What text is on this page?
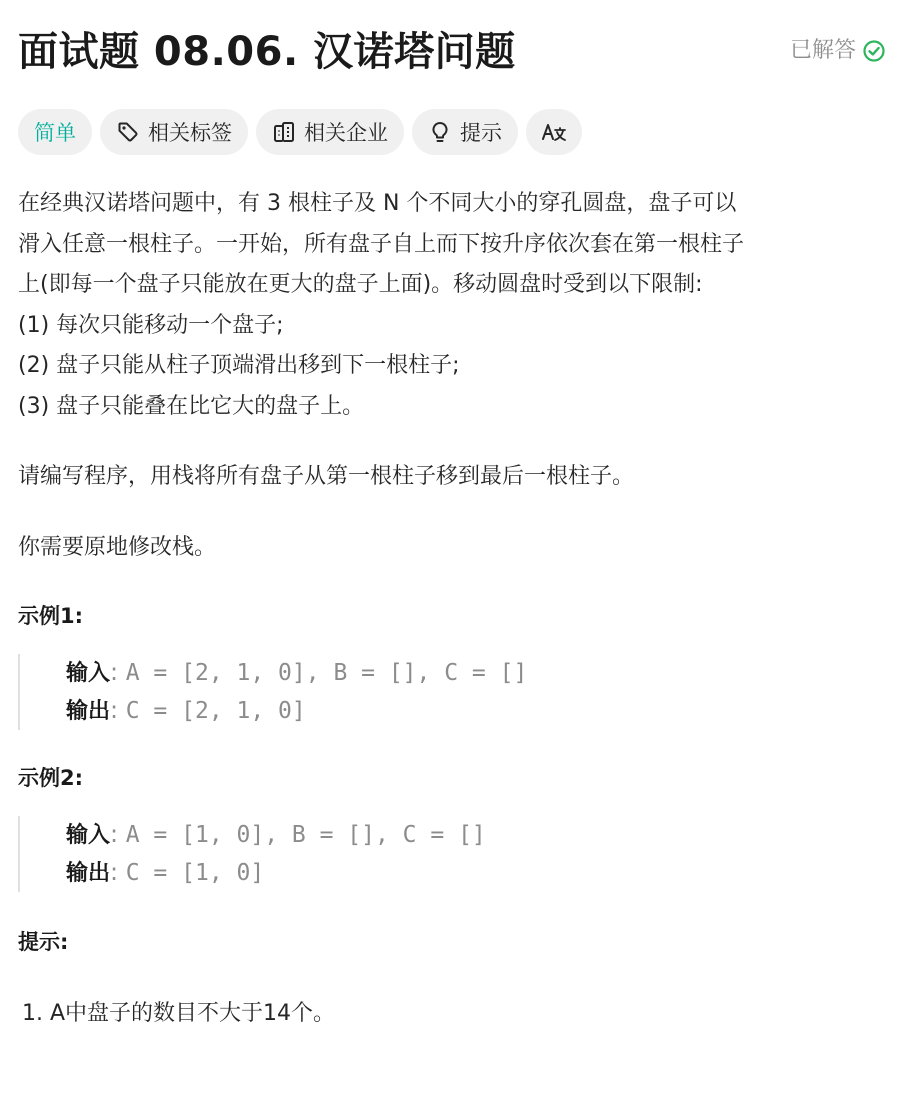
面试题 08.06. 汉诺塔问题	已解答
简单	相关标签	相关企业	提示
在经典汉诺塔问题中，有 3 根柱子及 N 个不同大小的穿孔圆盘，盘子可以
滑入任意一根柱子。一开始，所有盘子自上而下按升序依次套在第一根柱子
上(即每一个盘子只能放在更大的盘子上面)。移动圆盘时受到以下限制:
(1) 每次只能移动一个盘子;
(2) 盘子只能从柱子顶端滑出移到下一根柱子;
(3) 盘子只能叠在比它大的盘子上。
请编写程序，用栈将所有盘子从第一根柱子移到最后一根柱子。
你需要原地修改栈。
示例1:
输入: A = [2, 1, 0], B = [], C = []
输出: C = [2, 1, 0]
示例2:
输入: A = [1, 0], B = [], C = []
输出: C = [1, 0]
提示:
1. A中盘子的数目不大于14个。
